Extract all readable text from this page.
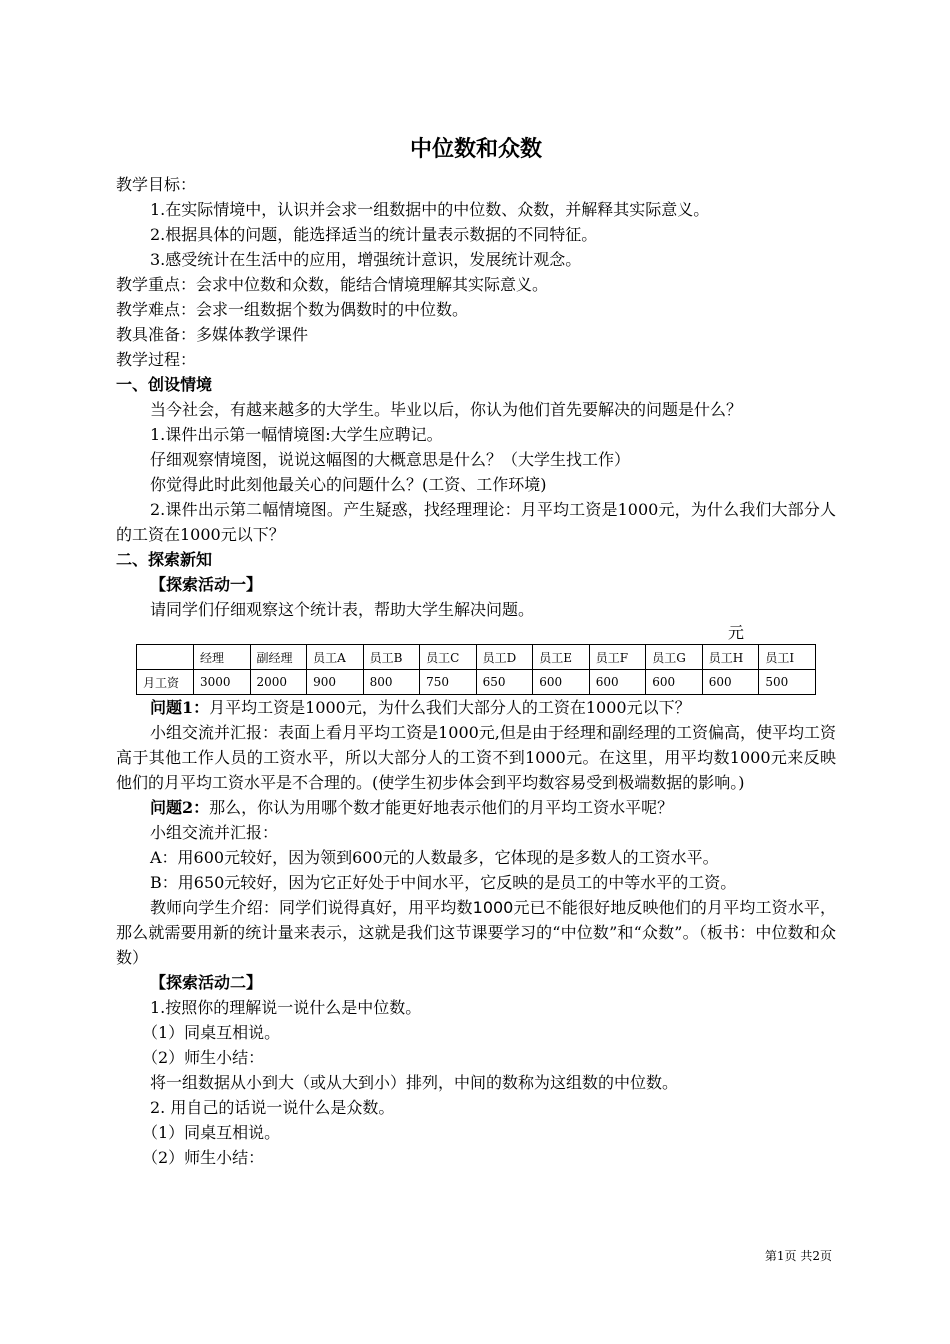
中位数和众数
教学目标：
1.在实际情境中，认识并会求一组数据中的中位数、众数，并解释其实际意义。
2.根据具体的问题，能选择适当的统计量表示数据的不同特征。
3.感受统计在生活中的应用，增强统计意识，发展统计观念。
教学重点：会求中位数和众数，能结合情境理解其实际意义。
教学难点：会求一组数据个数为偶数时的中位数。
教具准备：多媒体教学课件
教学过程：
一、创设情境
当今社会，有越来越多的大学生。毕业以后，你认为他们首先要解决的问题是什么？
1.课件出示第一幅情境图:大学生应聘记。
仔细观察情境图，说说这幅图的大概意思是什么？（大学生找工作）
你觉得此时此刻他最关心的问题什么？(工资、工作环境)
2.课件出示第二幅情境图。产生疑惑，找经理理论：月平均工资是1000元，为什么我们大部分人的工资在1000元以下？
二、探索新知
【探索活动一】
请同学们仔细观察这个统计表，帮助大学生解决问题。
元
	经理	副经理	员工A	员工B	员工C	员工D	员工E	员工F	员工G	员工H	员工I
月工资	3000	2000	900	800	750	650	600	600	600	600	500
问题1：月平均工资是1000元，为什么我们大部分人的工资在1000元以下？
小组交流并汇报：表面上看月平均工资是1000元,但是由于经理和副经理的工资偏高，使平均工资高于其他工作人员的工资水平，所以大部分人的工资不到1000元。在这里，用平均数1000元来反映他们的月平均工资水平是不合理的。(使学生初步体会到平均数容易受到极端数据的影响。)
问题2：那么，你认为用哪个数才能更好地表示他们的月平均工资水平呢？
小组交流并汇报：
A：用600元较好，因为领到600元的人数最多，它体现的是多数人的工资水平。
B：用650元较好，因为它正好处于中间水平，它反映的是员工的中等水平的工资。
教师向学生介绍：同学们说得真好，用平均数1000元已不能很好地反映他们的月平均工资水平，那么就需要用新的统计量来表示，这就是我们这节课要学习的“中位数”和“众数”。（板书：中位数和众数）
【探索活动二】
1.按照你的理解说一说什么是中位数。
（1）同桌互相说。
（2）师生小结：
将一组数据从小到大（或从大到小）排列，中间的数称为这组数的中位数。
2. 用自己的话说一说什么是众数。
（1）同桌互相说。
（2）师生小结：
第1页 共2页
